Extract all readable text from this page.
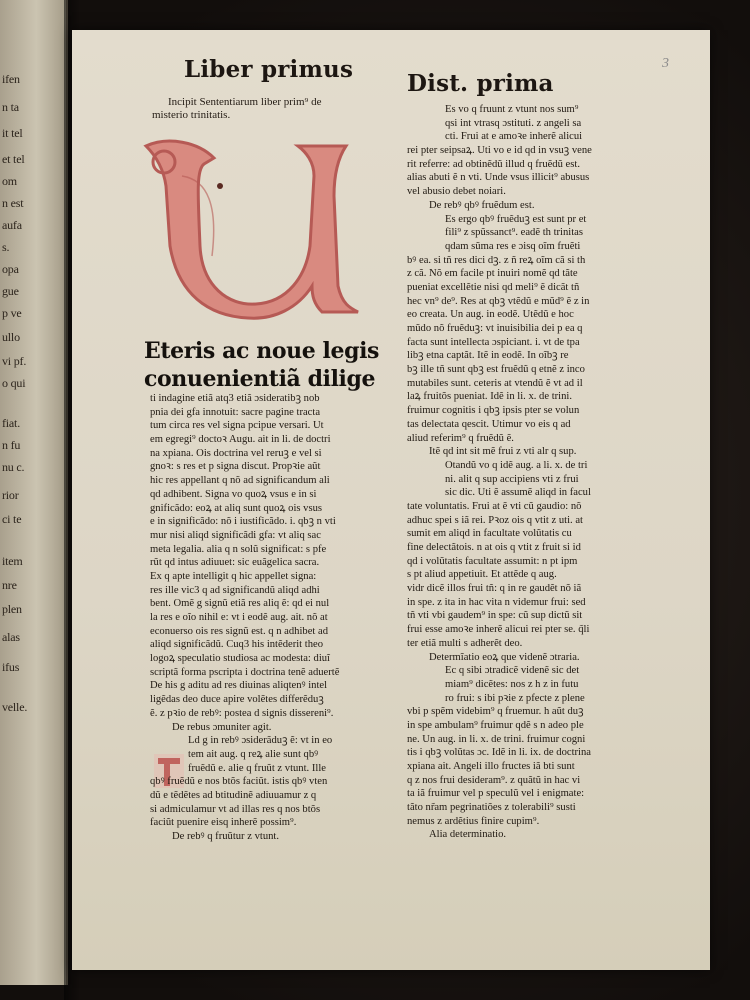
ifen
n ta
it tel
et tel
om
n est
aufa
s.
opa
gue
p ve
ullo
vi pf.
o qui
fiat.
n fu
nu c.
rior
ci te
item
nre
plen
alas
ifus
velle.
3
Liber primus
Dist. prima
Incipit Sententiarum liber prim⁹ de
misterio trinitatis.
Eteris ac noue legis
conuenientiã dilige
ti indagine etiã atq3 etiã ɔsideratibꝫ nob
pnia dei gfa innotuit: sacre pagine tracta
tum circa res vel signa pcipue versari. Ut
em egregi⁹ doctoꝛ Augu. ait in li. de doctri
na xpiana. Ois doctrina vel reruꝫ e vel si
gnoꝛ: s res et p signa discut. Propꝛie aũt
hic res appellant q nõ ad significandum ali
qd adhibent. Signa vo quoꝝ vsus e in si
gnificãdo: eoꝝ at aliq sunt quoꝝ ois vsus
e in significãdo: nõ i iustificãdo. i. qbꝫ n vti
mur nisi aliqd significãdi gfa: vt aliq sac
meta legalia. alia q n solũ significat: s pfe
rũt qd intus adiuuet: sic euãgelica sacra.
Ex q apte intelligit q hic appellet signa:
res ille vic3 q ad significandũ aliqd adhi
bent. Omẽ g signũ etiã res aliq ẽ: qd ei nul
la res e oĩo nihil e: vt i eodẽ aug. ait. nõ at
econuerso ois res signũ est. q n adhibet ad
aliqd significãdũ. Cuq3 his intẽderit theo
logoꝝ speculatio studiosa ac modesta: diuĩ
scriptã forma pscripta i doctrina tenẽ aduertẽ
De his g aditu ad res diuinas aliqtenꝰ intel
ligẽdas deo duce apire volẽtes differẽduꝫ
ẽ. z pꝛio de rebꝰ: postea d signis dissereni⁹.
De rebus ɔmuniter agit.
Ld g in rebꝰ ɔsiderãduꝫ ẽ: vt in eo
tem ait aug. q reꝝ alie sunt qbꝰ
fruẽdũ e. alie q fruũt z vtunt. Ille
qbꝰ fruẽdũ e nos btõs faciũt. istis qbꝰ vten
dũ e tẽdẽtes ad btitudinẽ adiuuamur z q
si admiculamur vt ad illas res q nos btõs
faciũt puenire eisq inherẽ possim⁹.
De rebꝰ q fruũtur z vtunt.
Es vo q fruunt z vtunt nos sum⁹
qsi int vtrasq ɔstituti. z angeli sa
cti. Frui at e amoꝛe inherẽ alicui
rei pter seipsaꝝ. Uti vo e id qd in vsuꝫ vene
rit referre: ad obtinẽdũ illud q fruẽdũ est.
alias abuti ẽ n vti. Unde vsus illicit⁹ abusus
vel abusio debet noiari.
De rebꝰ qbꝰ fruẽdum est.
Es ergo qbꝰ fruẽduꝫ est sunt pr et
fili⁹ z spũssanct⁹. eadẽ th trinitas
qdam sũma res e ɔisq oĩm fruẽti
bꝰ ea. si tñ res dici dꝫ. z ñ reꝝ oĩm cã si th
z cã. Nõ em facile pt inuiri nomẽ qd tãte
pueniat excellẽtie nisi qd meli⁹ ẽ dicãt tñ
hec vn⁹ de⁹. Res at qbꝫ vtẽdũ e mũd⁹ ẽ z in
eo creata. Un aug. in eodẽ. Utẽdũ e hoc
mũdo nõ fruẽduꝫ: vt inuisibilia dei p ea q
facta sunt intellecta ɔspiciant. i. vt de tpa
libꝫ etna captãt. Itẽ in eodẽ. In oĩbꝫ re
bꝫ ille tñ sunt qbꝫ est fruẽdũ q etnẽ z inco
mutabiles sunt. ceteris at vtendũ ẽ vt ad il
laꝝ fruitõs pueniat. Idẽ in li. x. de trini.
fruimur cognitis i qbꝫ ipsis pter se volun
tas delectata qescit. Utimur vo eis q ad
aliud referim⁹ q fruẽdũ ẽ.
Itẽ qd int sit mẽ frui z vti alr q sup.
Otandũ vo q idẽ aug. a li. x. de tri
ni. alit q sup accipiens vti z frui
sic dic. Uti ẽ assumẽ aliqd in facul
tate voluntatis. Frui at ẽ vti cũ gaudio: nõ
adhuc spei s iã rei. Pꝛoz ois q vtit z uti. at
sumit em aliqd in facultate volũtatis cu
fine delectãtois. n at ois q vtit z fruit si id
qd i volũtatis facultate assumit: n pt ipm
s pt aliud appetiuit. Et attẽde q aug.
vidr dicẽ illos frui tñ: q in re gaudẽt nõ iã
in spe. z ita in hac vita n videmur frui: sed
tñ vti vbi gaudem⁹ in spe: cũ sup dictũ sit
frui esse amoꝛe inherẽ alicui rei pter se. q̃li
ter etiã multi s adherẽt deo.
Determĩatio eoꝝ que videnẽ ɔtraria.
Ec q sibi ɔtradicẽ videnẽ sic det
miam⁹ dicẽtes: nos z h z in futu
ro frui: s ibi pꝛie z pfecte z plene
vbi p spẽm videbim⁹ q fruemur. h aũt duꝫ
in spe ambulam⁹ fruimur qdẽ s n adeo ple
ne. Un aug. in li. x. de trini. fruimur cogni
tis i qbꝫ volũtas ɔc. Idẽ in li. ix. de doctrina
xpiana ait. Angeli illo fructes iã bti sunt
q z nos frui desideram⁹. z quãtũ in hac vi
ta iã fruimur vel p speculũ vel i enigmate:
tãto nr̃am pegrinatiões z tolerabili⁹ susti
nemus z ardẽtius finire cupim⁹.
Alia determinatio.
